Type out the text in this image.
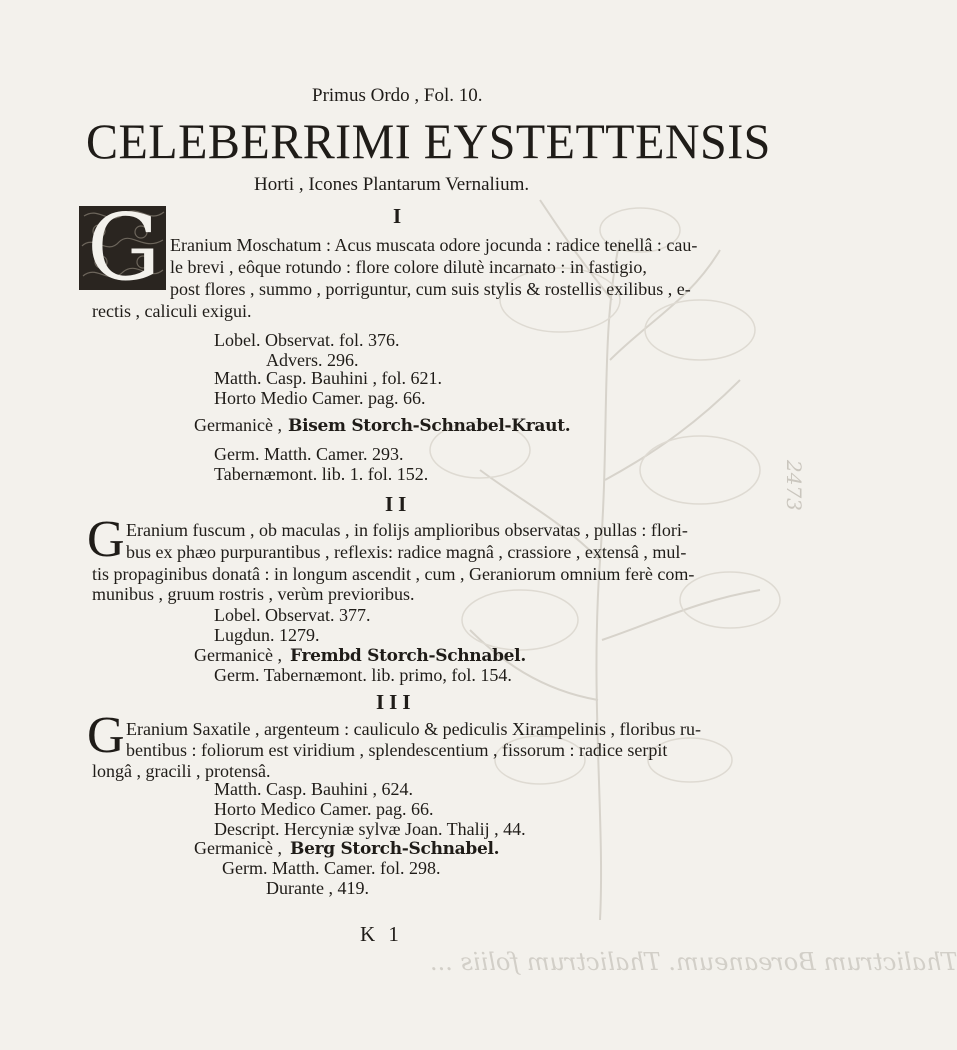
Primus Ordo , Fol. 10.
CELEBERRIMI EYSTETTENSIS
Horti , Icones Plantarum Vernalium.
I
G Eranium Moschatum : Acus muscata odore jocunda : radice tenellâ : cau-
le brevi , eôque rotundo : flore colore dilutè incarnato : in fastigio,
post flores , summo , porriguntur, cum suis stylis & rostellis exilibus , e-
rectis , caliculi exigui.
Lobel. Observat. fol. 376.
Advers. 296.
Matth. Casp. Bauhini , fol. 621.
Horto Medio Camer. pag. 66.
Germanicè , Bisem Storch-Schnabel-Kraut.
Germ. Matth. Camer. 293.
Tabernæmont. lib. 1. fol. 152.
II
G Eranium fuscum , ob maculas , in folijs amplioribus observatas , pullas : flori-
bus ex phæo purpurantibus , reflexis: radice magnâ , crassiore , extensâ , mul-
tis propaginibus donatâ : in longum ascendit , cum , Geraniorum omnium ferè com-
munibus , gruum rostris , verùm previoribus.
Lobel. Observat. 377.
Lugdun. 1279.
Germanicè , Frembd Storch-Schnabel.
Germ. Tabernæmont. lib. primo, fol. 154.
III
G Eranium Saxatile , argenteum : cauliculo & pediculis Xirampelinis , floribus ru-
bentibus : foliorum est viridium , splendescentium , fissorum : radice serpit
longâ , gracili , protensâ.
Matth. Casp. Bauhini , 624.
Horto Medico Camer. pag. 66.
Descript. Hercyniæ sylvæ Joan. Thalij , 44.
Germanicè , Berg Storch-Schnabel.
Germ. Matth. Camer. fol. 298.
Durante , 419.
K 1
2473
Thalictrum Boreaneum. Thalictrum foliis ...
